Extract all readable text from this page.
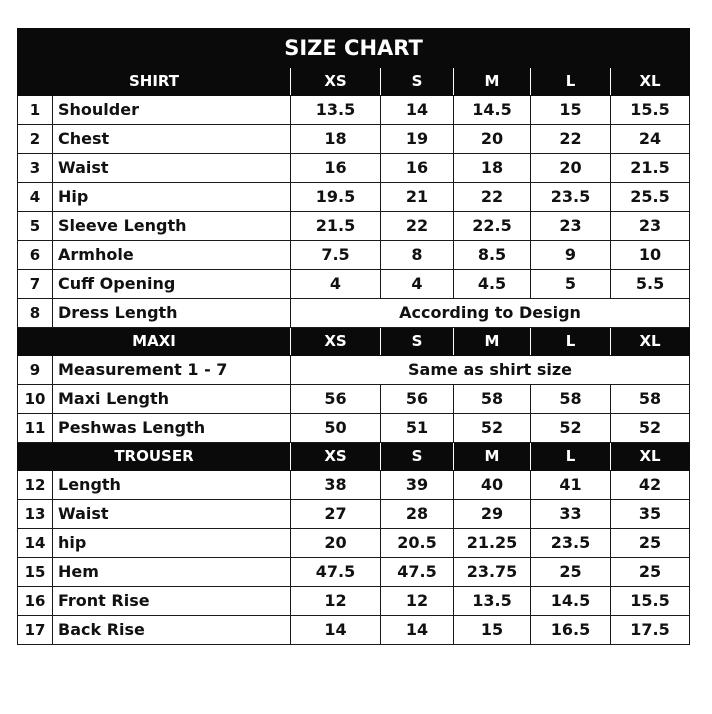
SIZE CHART						
SHIRT		XS	S	M	L	XL
1	Shoulder	13.5	14	14.5	15	15.5
2	Chest	18	19	20	22	24
3	Waist	16	16	18	20	21.5
4	Hip	19.5	21	22	23.5	25.5
5	Sleeve Length	21.5	22	22.5	23	23
6	Armhole	7.5	8	8.5	9	10
7	Cuff Opening	4	4	4.5	5	5.5
8	Dress Length	According to Design				
MAXI		XS	S	M	L	XL
9	Measurement 1 - 7	Same as shirt size				
10	Maxi Length	56	56	58	58	58
11	Peshwas Length	50	51	52	52	52
TROUSER		XS	S	M	L	XL
12	Length	38	39	40	41	42
13	Waist	27	28	29	33	35
14	hip	20	20.5	21.25	23.5	25
15	Hem	47.5	47.5	23.75	25	25
16	Front Rise	12	12	13.5	14.5	15.5
17	Back Rise	14	14	15	16.5	17.5
